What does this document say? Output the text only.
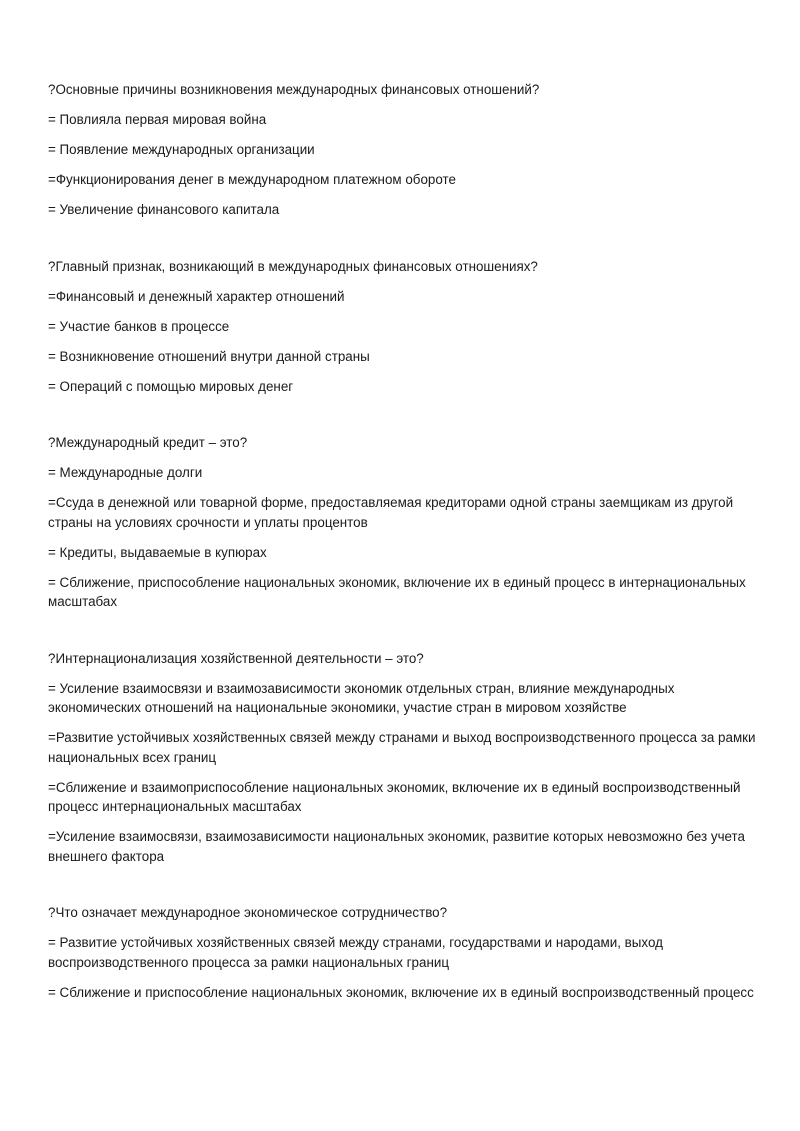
?Основные причины возникновения международных финансовых отношений?

= Повлияла первая мировая война

= Появление международных организации

=Функционирования денег в международном платежном обороте

= Увеличение финансового капитала

?Главный признак, возникающий в международных финансовых отношениях?

=Финансовый и денежный характер отношений

= Участие банков в процессе

= Возникновение отношений внутри данной страны

= Операций с помощью мировых денег

?Международный кредит – это?

= Международные долги

=Ссуда в денежной или товарной форме, предоставляемая кредиторами одной страны заемщикам из другой страны на условиях срочности и уплаты процентов

= Кредиты, выдаваемые в купюрах

= Сближение, приспособление национальных экономик, включение их в единый процесс в интернациональных масштабах

?Интернационализация хозяйственной деятельности – это?

= Усиление взаимосвязи и взаимозависимости экономик отдельных стран, влияние международных экономических отношений на национальные экономики, участие стран в мировом хозяйстве

=Развитие устойчивых хозяйственных связей между странами и выход воспроизводственного процесса за рамки национальных всех границ

=Сближение и взаимоприспособление национальных экономик, включение их в единый воспроизводственный процесс интернациональных масштабах

=Усиление взаимосвязи, взаимозависимости национальных экономик, развитие которых невозможно без учета внешнего фактора

?Что означает международное экономическое сотрудничество?

= Развитие устойчивых хозяйственных связей между странами, государствами и народами, выход воспроизводственного процесса за рамки национальных границ

= Сближение и приспособление национальных экономик, включение их в единый воспроизводственный процесс
